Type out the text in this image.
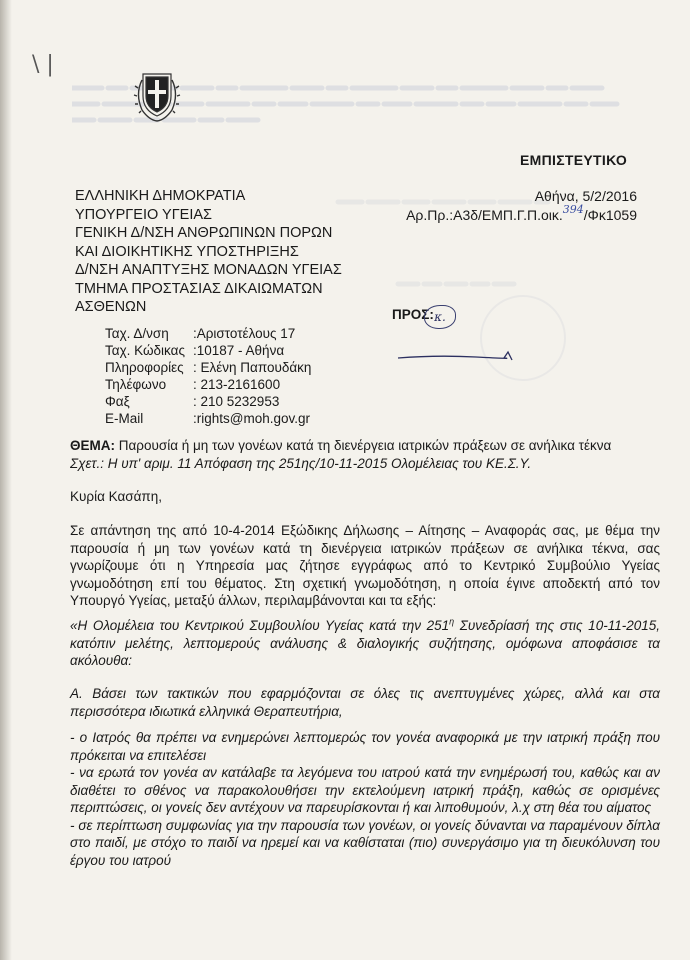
\ |
ΕΜΠΙΣΤΕΥΤΙΚΟ
ΕΛΛΗΝΙΚΗ ΔΗΜΟΚΡΑΤΙΑ
ΥΠΟΥΡΓΕΙΟ ΥΓΕΙΑΣ
ΓΕΝΙΚΗ Δ/ΝΣΗ ΑΝΘΡΩΠΙΝΩΝ ΠΟΡΩΝ
ΚΑΙ ΔΙΟΙΚΗΤΙΚΗΣ ΥΠΟΣΤΗΡΙΞΗΣ
Δ/ΝΣΗ ΑΝΑΠΤΥΞΗΣ ΜΟΝΑΔΩΝ ΥΓΕΙΑΣ
ΤΜΗΜΑ ΠΡΟΣΤΑΣΙΑΣ ΔΙΚΑΙΩΜΑΤΩΝ
ΑΣΘΕΝΩΝ
Αθήνα, 5/2/2016
Αρ.Πρ.:Α3δ/ΕΜΠ.Γ.Π.οικ.$^{394}$/Φκ1059
Ταχ. Δ/νση	:Αριστοτέλους 17
Ταχ. Κώδικας :10187 - Αθήνα
Πληροφορίες : Ελένη Παπουδάκη
Τηλέφωνο : 213-2161600
Φαξ	: 210 5232953
E-Mail	:rights@moh.gov.gr
ΠΡΟΣ: κ.
ΘΕΜΑ: Παρουσία ή μη των γονέων κατά τη διενέργεια ιατρικών πράξεων σε ανήλικα τέκνα
Σχετ.: Η υπ' αριμ. 11 Απόφαση της 251ης/10-11-2015 Ολομέλειας του ΚΕ.Σ.Υ.
Κυρία Κασάπη,
Σε απάντηση της από 10-4-2014 Εξώδικης Δήλωσης – Αίτησης – Αναφοράς σας, με θέμα την παρουσία ή μη των γονέων κατά τη διενέργεια ιατρικών πράξεων σε ανήλικα τέκνα, σας γνωρίζουμε ότι η Υπηρεσία μας ζήτησε εγγράφως από το Κεντρικό Συμβούλιο Υγείας γνωμοδότηση επί του θέματος. Στη σχετική γνωμοδότηση, η οποία έγινε αποδεκτή από τον Υπουργό Υγείας, μεταξύ άλλων, περιλαμβάνονται και τα εξής:
«Η Ολομέλεια του Κεντρικού Συμβουλίου Υγείας κατά την $251^\eta$ Συνεδρίασή της στις 10-11-2015, κατόπιν μελέτης, λεπτομερούς ανάλυσης & διαλογικής συζήτησης, ομόφωνα αποφάσισε τα ακόλουθα:
Α. Βάσει των τακτικών που εφαρμόζονται σε όλες τις ανεπτυγμένες χώρες, αλλά και στα περισσότερα ιδιωτικά ελληνικά Θεραπευτήρια,
- ο Ιατρός θα πρέπει να ενημερώνει λεπτομερώς τον γονέα αναφορικά με την ιατρική πράξη που πρόκειται να επιτελέσει
- να ερωτά τον γονέα αν κατάλαβε τα λεγόμενα του ιατρού κατά την ενημέρωσή του, καθώς και αν διαθέτει το σθένος να παρακολουθήσει την εκτελούμενη ιατρική πράξη, καθώς σε ορισμένες περιπτώσεις, οι γονείς δεν αντέχουν να παρευρίσκονται ή και λιποθυμούν, λ.χ στη θέα του αίματος
- σε περίπτωση συμφωνίας για την παρουσία των γονέων, οι γονείς δύνανται να παραμένουν δίπλα στο παιδί, με στόχο το παιδί να ηρεμεί και να καθίσταται (πιο) συνεργάσιμο για τη διευκόλυνση του έργου του ιατρού
